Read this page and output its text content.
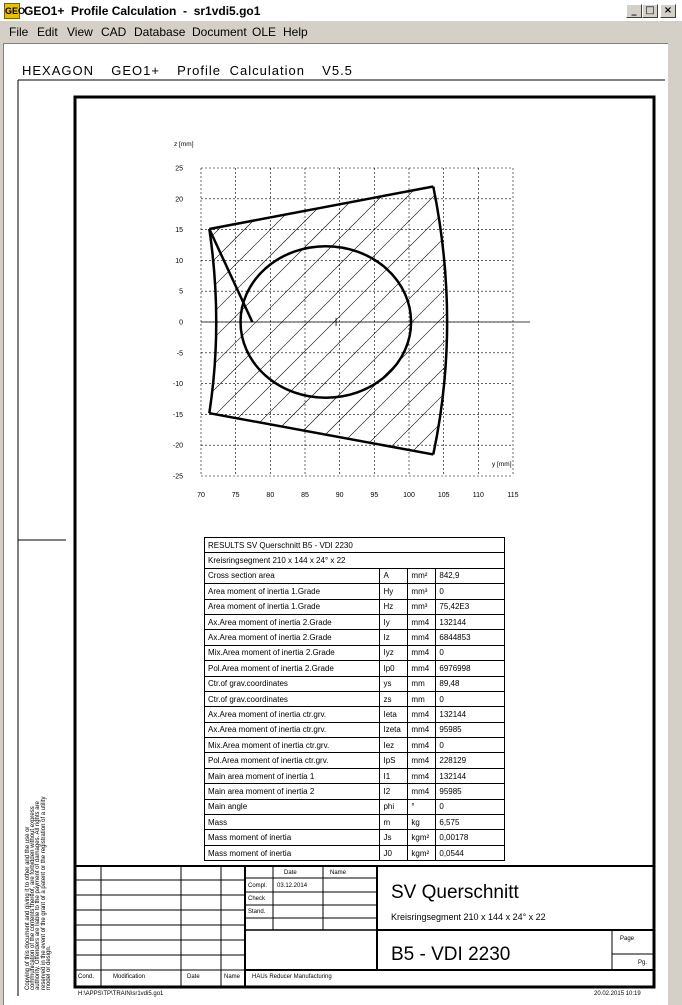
GEO
GEO1+  Profile Calculation  -  sr1vdi5.go1	_ □ ×
File Edit View CAD Database Document OLE Help
HEXAGON  GEO1+  Profile Calculation  V5.5
70	75	80	85	90	95	100	105	110	115
25
20
15
10
5
0
-5
-10
-15
-20
-25
z [mm]
y [mm]
RESULTS SV Querschnitt B5 - VDI 2230			
Kreisringsegment 210 x 144 x 24° x 22			
Cross section area	A	mm²	842,9
Area moment of inertia 1.Grade	Hy	mm³	0
Area moment of inertia 1.Grade	Hz	mm³	75,42E3
Ax.Area moment of inertia 2.Grade	Iy	mm4	132144
Ax.Area moment of inertia 2.Grade	Iz	mm4	6844853
Mix.Area moment of inertia 2.Grade	Iyz	mm4	0
Pol.Area moment of inertia 2.Grade	Ip0	mm4	6976998
Ctr.of grav.coordinates	ys	mm	89,48
Ctr.of grav.coordinates	zs	mm	0
Ax.Area moment of inertia ctr.grv.	Ieta	mm4	132144
Ax.Area moment of inertia ctr.grv.	Izeta	mm4	95985
Mix.Area moment of inertia ctr.grv.	Iez	mm4	0
Pol.Area moment of inertia ctr.grv.	IpS	mm4	228129
Main area moment of inertia 1	I1	mm4	132144
Main area moment of inertia 2	I2	mm4	95985
Main angle	phi	°	0
Mass	m	kg	6,575
Mass moment of inertia	Js	kgm²	0,00178
Mass moment of inertia	J0	kgm²	0,0544
Copying of this document and giving it to other and the use or communication of the contents thereof, are forbidden without express authority. Offenders are liable to the payment of damages. All rights are reserved in the event of the grant of a patent or the registration of a utility model or design.
Date	Name
Compl.
Check
Stand.
03.12.2014	SV Querschnitt
Kreisringsegment 210 x 144 x 24° x 22
B5 - VDI 2230
Page
Pg.
HAUs Reducer Manufacturing
Cond.	Modification	Date	Name
H:\APPS\TP\TRAIN\sr1vdi5.go1	20.02.2015 10:19
